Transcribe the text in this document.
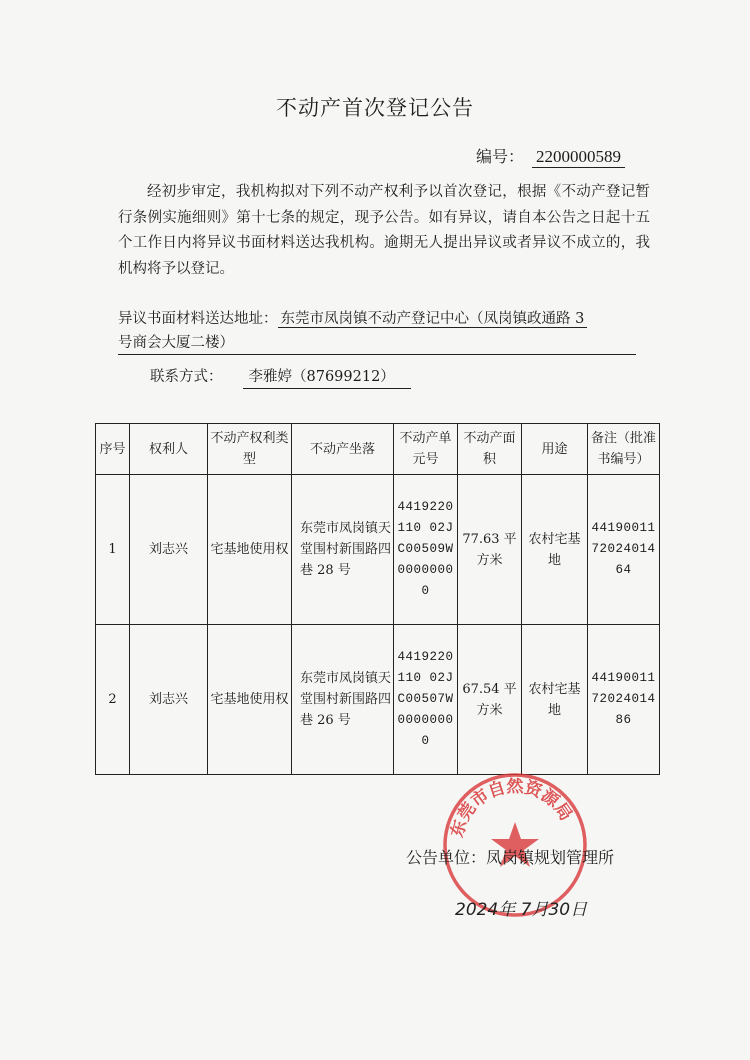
不动产首次登记公告
编号： 2200000589
经初步审定，我机构拟对下列不动产权利予以首次登记，根据《不动产登记暂行条例实施细则》第十七条的规定，现予公告。如有异议，请自本公告之日起十五个工作日内将异议书面材料送达我机构。逾期无人提出异议或者异议不成立的，我机构将予以登记。
异议书面材料送达地址： 东莞市凤岗镇不动产登记中心（凤岗镇政通路 3
号商会大厦二楼）
联系方式： 李雅婷（87699212）
序号	权利人	不动产权利类型	不动产坐落	不动产单元号	不动产面积	用途	备注（批准书编号）
1	刘志兴	宅基地使用权	东莞市凤岗镇天堂围村新围路四巷 28 号	4419220110 02JC00509W00000000	77.63 平方米	农村宅基地	441900117202401464
2	刘志兴	宅基地使用权	东莞市凤岗镇天堂围村新围路四巷 26 号	4419220110 02JC00507W00000000	67.54 平方米	农村宅基地	441900117202401486
东莞市自然资源局
公告单位：凤岗镇规划管理所
2024年 7月30日
